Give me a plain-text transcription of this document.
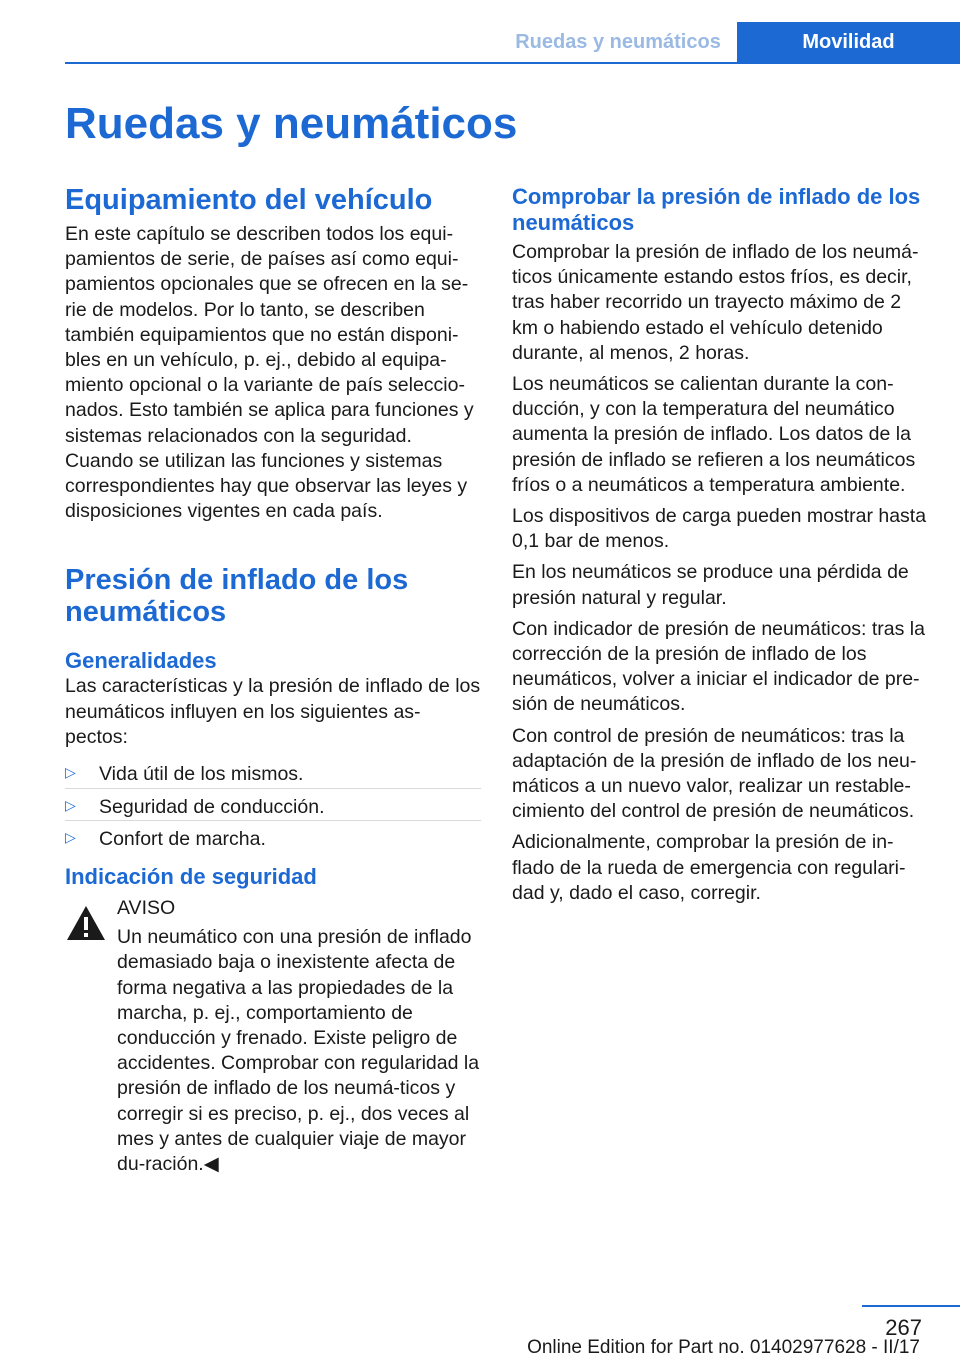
Ruedas y neumáticos	Movilidad
Ruedas y neumáticos
Equipamiento del vehículo

En este capítulo se describen todos los equi-pamientos de serie, de países así como equi-pamientos opcionales que se ofrecen en la se-rie de modelos. Por lo tanto, se describen también equipamientos que no están disponi-bles en un vehículo, p. ej., debido al equipa-miento opcional o la variante de país seleccio-nados. Esto también se aplica para funciones y sistemas relacionados con la seguridad.

Cuando se utilizan las funciones y sistemas correspondientes hay que observar las leyes y disposiciones vigentes en cada país.

Presión de inflado de los neumáticos
Generalidades

Las características y la presión de inflado de los neumáticos influyen en los siguientes as-pectos:

▷ Vida útil de los mismos.
▷ Seguridad de conducción.
▷ Confort de marcha.
Indicación de seguridad

AVISO

Un neumático con una presión de inflado demasiado baja o inexistente afecta de forma negativa a las propiedades de la marcha, p. ej., comportamiento de conducción y frenado. Existe peligro de accidentes. Comprobar con regularidad la presión de inflado de los neumá-ticos y corregir si es preciso, p. ej., dos veces al mes y antes de cualquier viaje de mayor du-ración.◀

Comprobar la presión de inflado de los neumáticos

Comprobar la presión de inflado de los neumá-ticos únicamente estando estos fríos, es decir, tras haber recorrido un trayecto máximo de 2 km o habiendo estado el vehículo detenido durante, al menos, 2 horas.

Los neumáticos se calientan durante la con-ducción, y con la temperatura del neumático aumenta la presión de inflado. Los datos de la presión de inflado se refieren a los neumáticos fríos o a neumáticos a temperatura ambiente.

Los dispositivos de carga pueden mostrar hasta 0,1 bar de menos.

En los neumáticos se produce una pérdida de presión natural y regular.

Con indicador de presión de neumáticos: tras la corrección de la presión de inflado de los neumáticos, volver a iniciar el indicador de pre-sión de neumáticos.

Con control de presión de neumáticos: tras la adaptación de la presión de inflado de los neu-máticos a un nuevo valor, realizar un restable-cimiento del control de presión de neumáticos.

Adicionalmente, comprobar la presión de in-flado de la rueda de emergencia con regulari-dad y, dado el caso, corregir.

267
Online Edition for Part no. 01402977628 - II/17
